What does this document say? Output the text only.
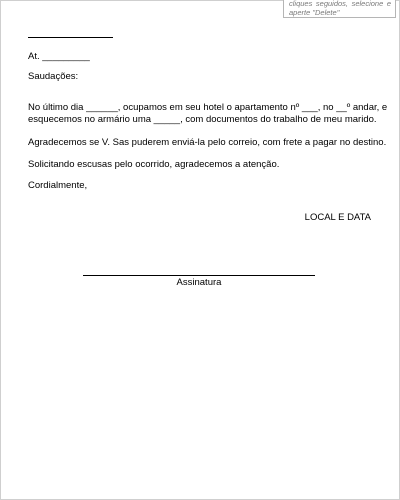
cliques seguidos, selecione e aperte "Delete"
At. _________
Saudações:
No último dia ______, ocupamos em seu hotel o apartamento nº ___, no __º andar, e
esquecemos no armário uma _____, com documentos do trabalho de meu marido.
Agradecemos se V. Sas puderem enviá-la pelo correio, com frete a pagar no destino.
Solicitando escusas pelo ocorrido, agradecemos a atenção.
Cordialmente,
LOCAL E DATA
Assinatura
